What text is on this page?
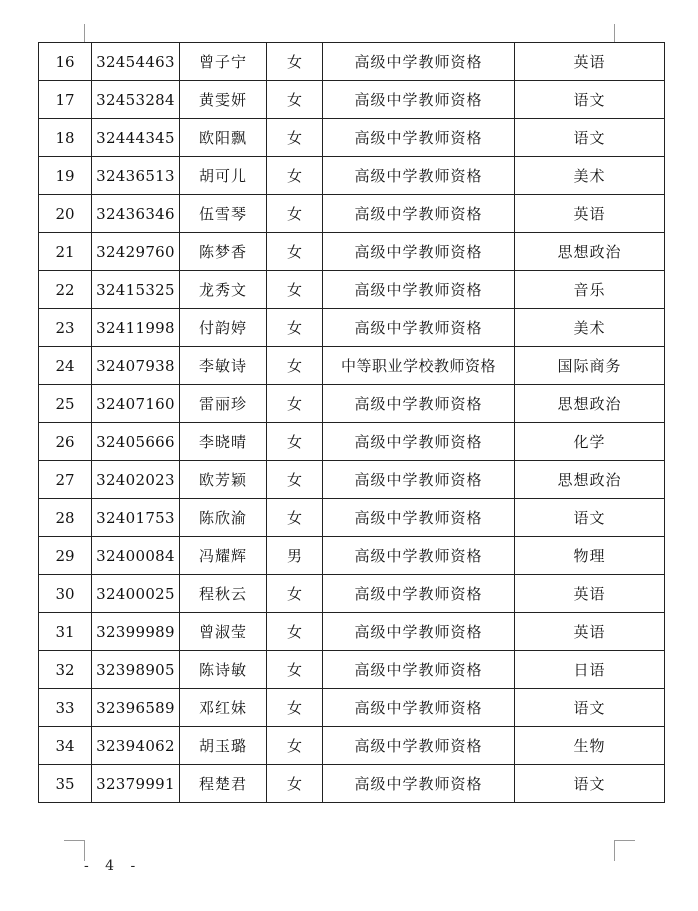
16	32454463	曾子宁	女	高级中学教师资格	英语
17	32453284	黄雯妍	女	高级中学教师资格	语文
18	32444345	欧阳飘	女	高级中学教师资格	语文
19	32436513	胡可儿	女	高级中学教师资格	美术
20	32436346	伍雪琴	女	高级中学教师资格	英语
21	32429760	陈梦香	女	高级中学教师资格	思想政治
22	32415325	龙秀文	女	高级中学教师资格	音乐
23	32411998	付韵婷	女	高级中学教师资格	美术
24	32407938	李敏诗	女	中等职业学校教师资格	国际商务
25	32407160	雷丽珍	女	高级中学教师资格	思想政治
26	32405666	李晓晴	女	高级中学教师资格	化学
27	32402023	欧芳颖	女	高级中学教师资格	思想政治
28	32401753	陈欣渝	女	高级中学教师资格	语文
29	32400084	冯耀辉	男	高级中学教师资格	物理
30	32400025	程秋云	女	高级中学教师资格	英语
31	32399989	曾淑莹	女	高级中学教师资格	英语
32	32398905	陈诗敏	女	高级中学教师资格	日语
33	32396589	邓红妹	女	高级中学教师资格	语文
34	32394062	胡玉璐	女	高级中学教师资格	生物
35	32379991	程楚君	女	高级中学教师资格	语文
- 4 -
